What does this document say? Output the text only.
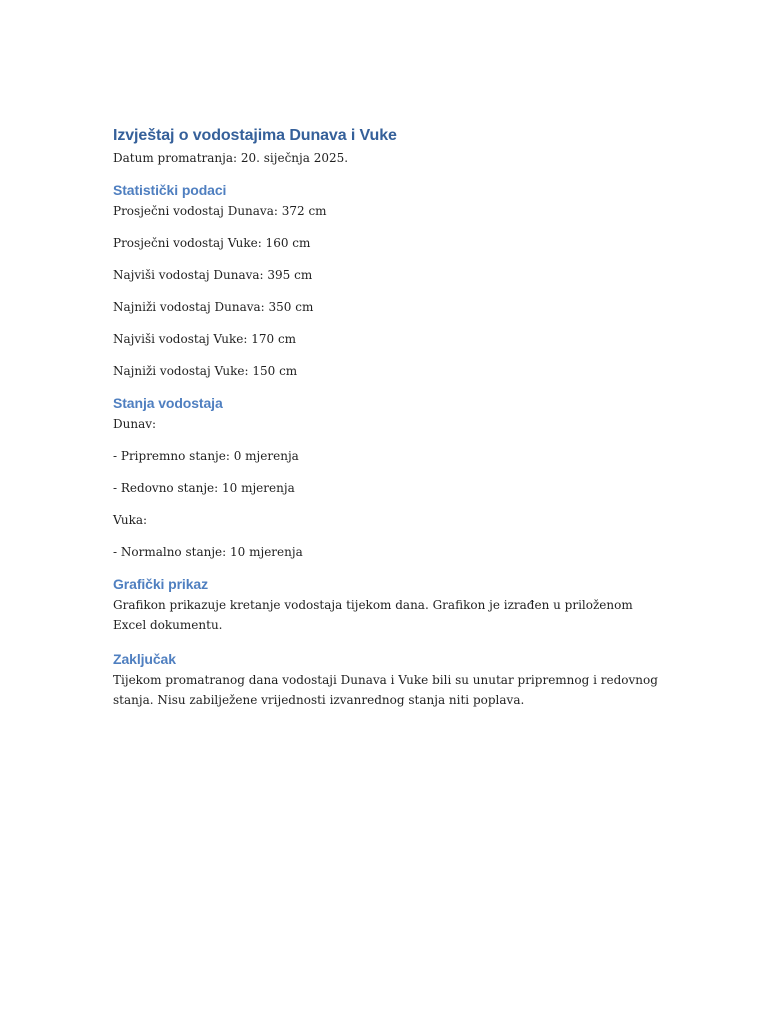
Izvještaj o vodostajima Dunava i Vuke

Datum promatranja: 20. siječnja 2025.

Statistički podaci

Prosječni vodostaj Dunava: 372 cm

Prosječni vodostaj Vuke: 160 cm

Najviši vodostaj Dunava: 395 cm

Najniži vodostaj Dunava: 350 cm

Najviši vodostaj Vuke: 170 cm

Najniži vodostaj Vuke: 150 cm

Stanja vodostaja

Dunav:

- Pripremno stanje: 0 mjerenja

- Redovno stanje: 10 mjerenja

Vuka:

- Normalno stanje: 10 mjerenja

Grafički prikaz

Grafikon prikazuje kretanje vodostaja tijekom dana. Grafikon je izrađen u priloženom Excel dokumentu.

Zaključak

Tijekom promatranog dana vodostaji Dunava i Vuke bili su unutar pripremnog i redovnog stanja. Nisu zabilježene vrijednosti izvanrednog stanja niti poplava.
